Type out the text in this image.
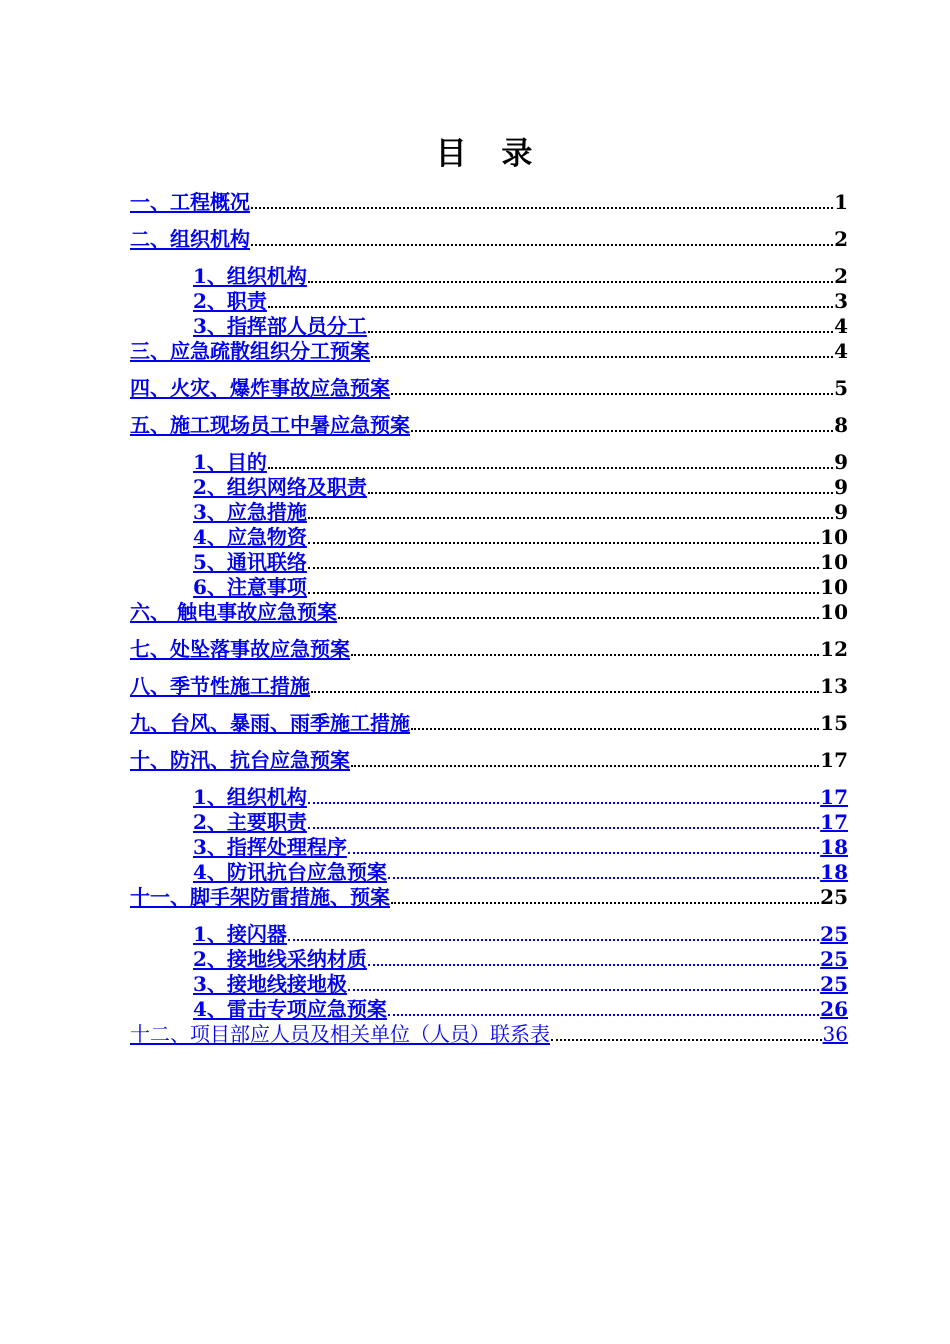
目 录
一、工程概况	1
二、组织机构	2
1、组织机构	2
2、职责	3
3、指挥部人员分工	4
三、应急疏散组织分工预案	4
四、火灾、爆炸事故应急预案	5
五、施工现场员工中暑应急预案	8
1、目的	9
2、组织网络及职责	9
3、应急措施	9
4、应急物资	10
5、通讯联络	10
6、注意事项	10
六、 触电事故应急预案	10
七、处坠落事故应急预案	12
八、季节性施工措施	13
九、台风、暴雨、雨季施工措施	15
十、防汛、抗台应急预案	17
1、组织机构	17
2、主要职责	17
3、指挥处理程序	18
4、防讯抗台应急预案	18
十一、脚手架防雷措施、预案	25
1、接闪器	25
2、接地线采纳材质	25
3、接地线接地极	25
4、雷击专项应急预案	26
十二、项目部应人员及相关单位（人员）联系表	36
